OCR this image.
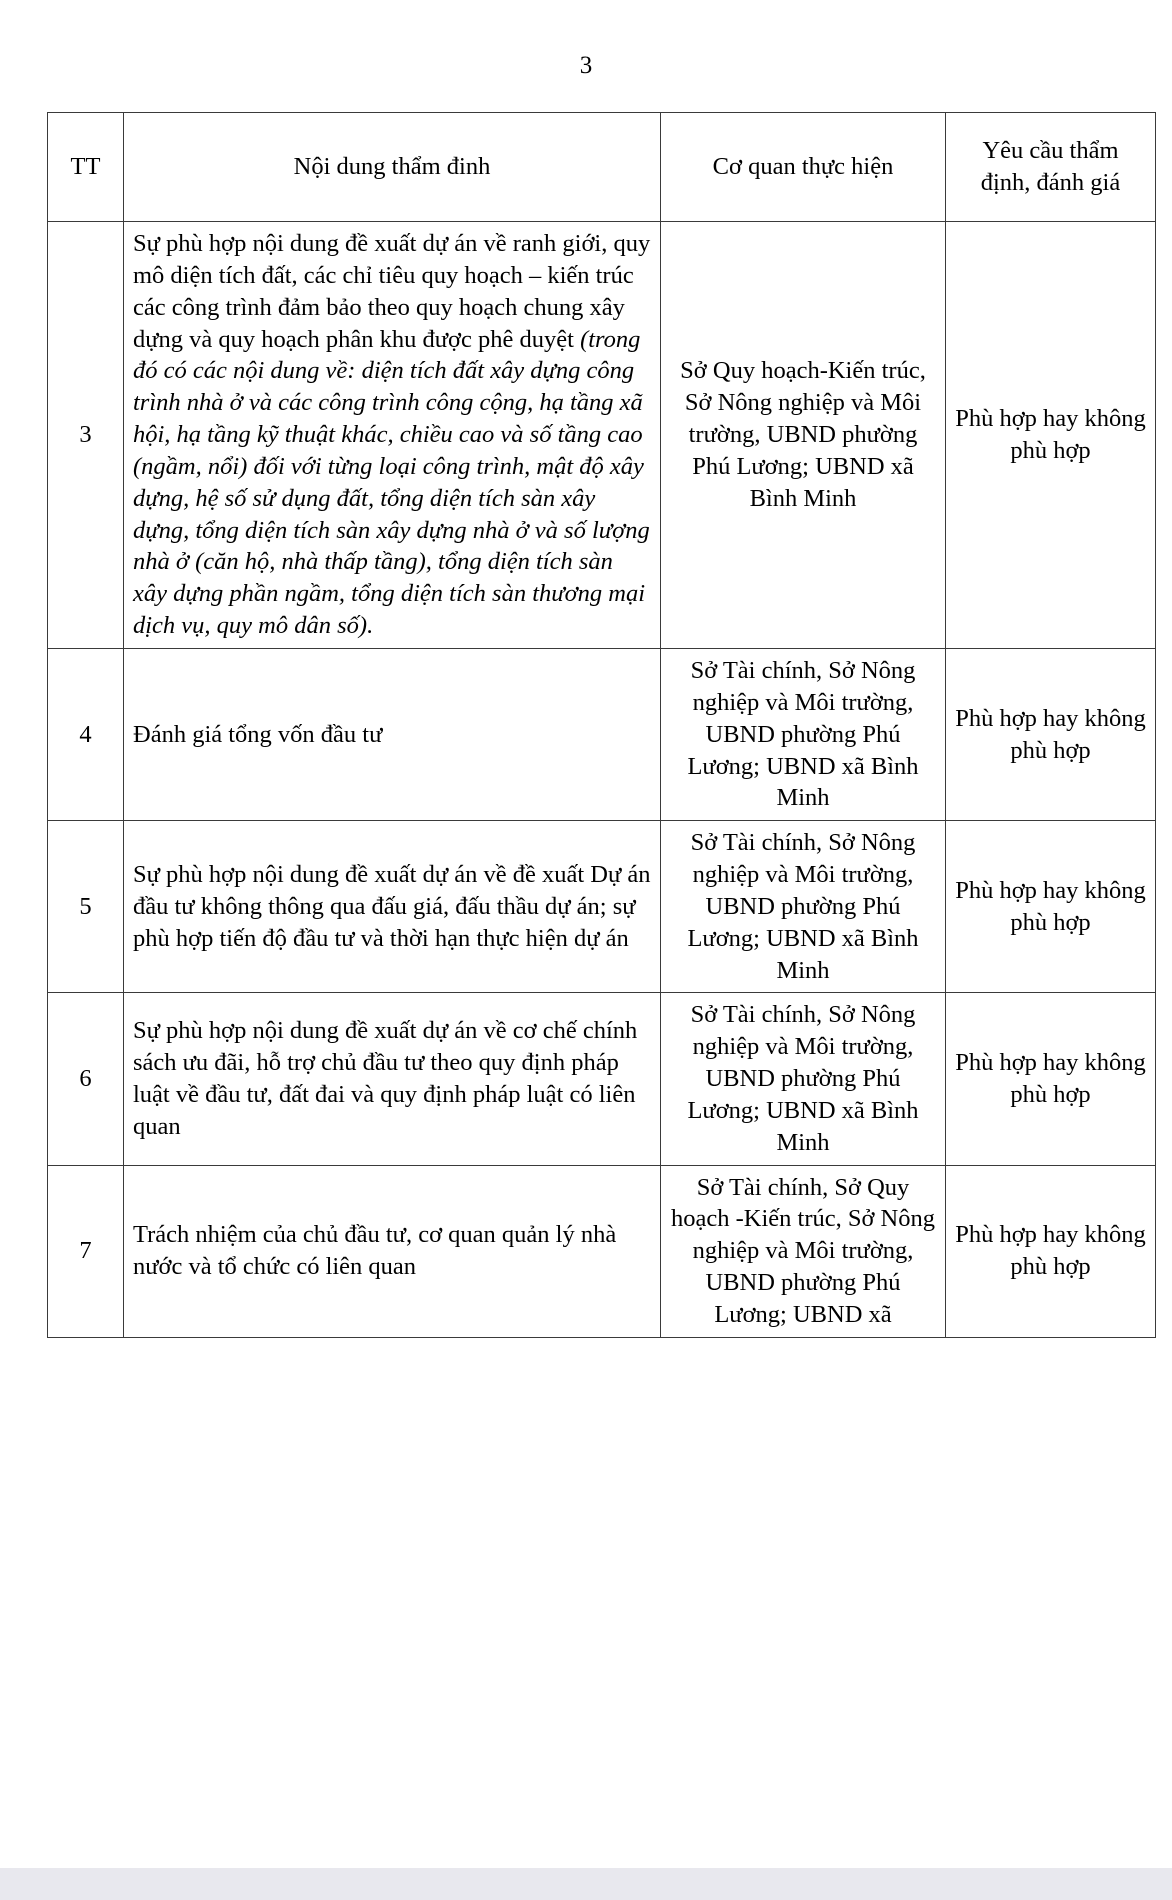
3
TT	Nội dung thẩm đinh	Cơ quan thực hiện	Yêu cầu thẩm định, đánh giá
3	Sự phù hợp nội dung đề xuất dự án về ranh giới, quy mô diện tích đất, các chỉ tiêu quy hoạch – kiến trúc các công trình đảm bảo theo quy hoạch chung xây dựng và quy hoạch phân khu được phê duyệt (trong đó có các nội dung về: diện tích đất xây dựng công trình nhà ở và các công trình công cộng, hạ tầng xã hội, hạ tầng kỹ thuật khác, chiều cao và số tầng cao (ngầm, nổi) đối với từng loại công trình, mật độ xây dựng, hệ số sử dụng đất, tổng diện tích sàn xây dựng, tổng diện tích sàn xây dựng nhà ở và số lượng nhà ở (căn hộ, nhà thấp tầng), tổng diện tích sàn xây dựng phần ngầm, tổng diện tích sàn thương mại dịch vụ, quy mô dân số).	Sở Quy hoạch-Kiến trúc, Sở Nông nghiệp và Môi trường, UBND phường Phú Lương; UBND xã Bình Minh	Phù hợp hay không phù hợp
4	Đánh giá tổng vốn đầu tư	Sở Tài chính, Sở Nông nghiệp và Môi trường, UBND phường Phú Lương; UBND xã Bình Minh	Phù hợp hay không phù hợp
5	Sự phù hợp nội dung đề xuất dự án về đề xuất Dự án đầu tư không thông qua đấu giá, đấu thầu dự án; sự phù hợp tiến độ đầu tư và thời hạn thực hiện dự án	Sở Tài chính, Sở Nông nghiệp và Môi trường, UBND phường Phú Lương; UBND xã Bình Minh	Phù hợp hay không phù hợp
6	Sự phù hợp nội dung đề xuất dự án về cơ chế chính sách ưu đãi, hỗ trợ chủ đầu tư theo quy định pháp luật về đầu tư, đất đai và quy định pháp luật có liên quan	Sở Tài chính, Sở Nông nghiệp và Môi trường, UBND phường Phú Lương; UBND xã Bình Minh	Phù hợp hay không phù hợp
7	Trách nhiệm của chủ đầu tư, cơ quan quản lý nhà nước và tổ chức có liên quan	Sở Tài chính, Sở Quy hoạch -Kiến trúc, Sở Nông nghiệp và Môi trường, UBND phường Phú Lương; UBND xã	Phù hợp hay không phù hợp
